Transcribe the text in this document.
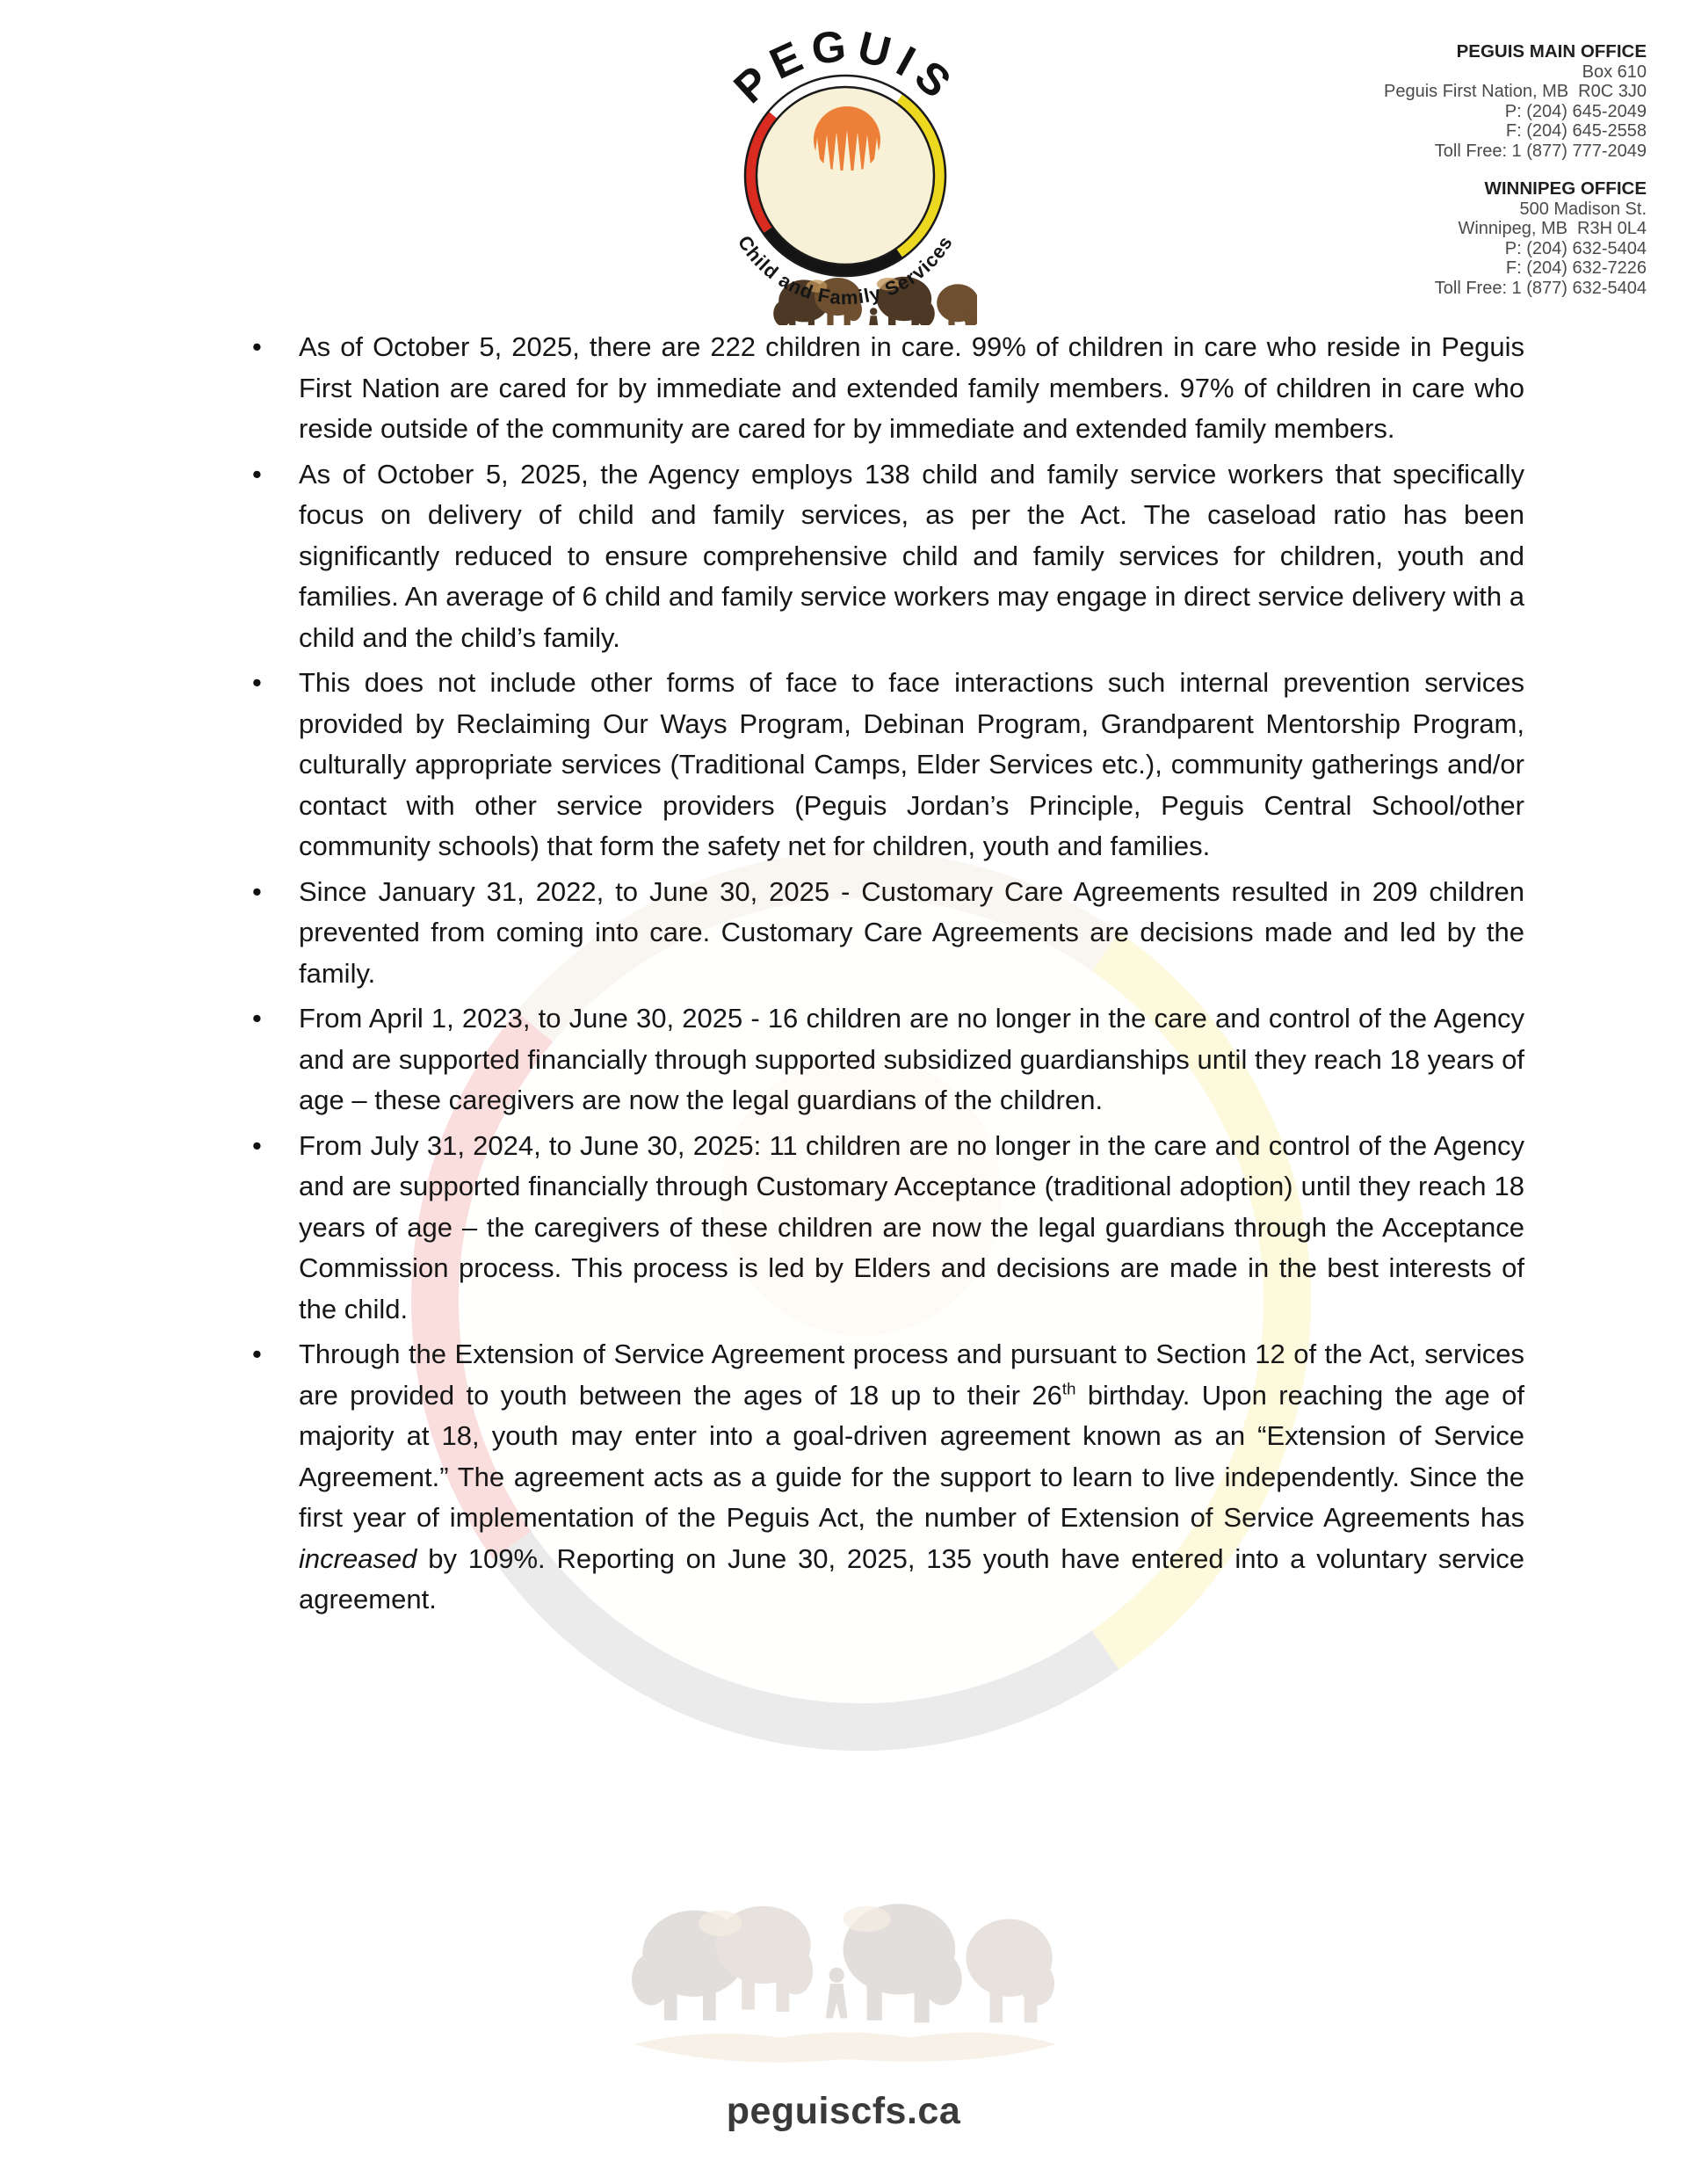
PEGUIS
Child and Family Services
PEGUIS MAIN OFFICE
Box 610
Peguis First Nation, MB  R0C 3J0
P: (204) 645-2049
F: (204) 645-2558
Toll Free: 1 (877) 777-2049
WINNIPEG OFFICE
500 Madison St.
Winnipeg, MB  R3H 0L4
P: (204) 632-5404
F: (204) 632-7226
Toll Free: 1 (877) 632-5404
• As of October 5, 2025, there are 222 children in care. 99% of children in care who reside in Peguis First Nation are cared for by immediate and extended family members. 97% of children in care who reside outside of the community are cared for by immediate and extended family members.
• As of October 5, 2025, the Agency employs 138 child and family service workers that specifically focus on delivery of child and family services, as per the Act. The caseload ratio has been significantly reduced to ensure comprehensive child and family services for children, youth and families. An average of 6 child and family service workers may engage in direct service delivery with a child and the child’s family.
• This does not include other forms of face to face interactions such internal prevention services provided by Reclaiming Our Ways Program, Debinan Program, Grandparent Mentorship Program, culturally appropriate services (Traditional Camps, Elder Services etc.), community gatherings and/or contact with other service providers (Peguis Jordan’s Principle, Peguis Central School/other community schools) that form the safety net for children, youth and families.
• Since January 31, 2022, to June 30, 2025 - Customary Care Agreements resulted in 209 children prevented from coming into care. Customary Care Agreements are decisions made and led by the family.
• From April 1, 2023, to June 30, 2025 - 16 children are no longer in the care and control of the Agency and are supported financially through supported subsidized guardianships until they reach 18 years of age – these caregivers are now the legal guardians of the children.
• From July 31, 2024, to June 30, 2025: 11 children are no longer in the care and control of the Agency and are supported financially through Customary Acceptance (traditional adoption) until they reach 18 years of age – the caregivers of these children are now the legal guardians through the Acceptance Commission process. This process is led by Elders and decisions are made in the best interests of the child.
• Through the Extension of Service Agreement process and pursuant to Section 12 of the Act, services are provided to youth between the ages of 18 up to their 26th birthday. Upon reaching the age of majority at 18, youth may enter into a goal-driven agreement known as an “Extension of Service Agreement.” The agreement acts as a guide for the support to learn to live independently. Since the first year of implementation of the Peguis Act, the number of Extension of Service Agreements has increased by 109%. Reporting on June 30, 2025, 135 youth have entered into a voluntary service agreement.
peguiscfs.ca
